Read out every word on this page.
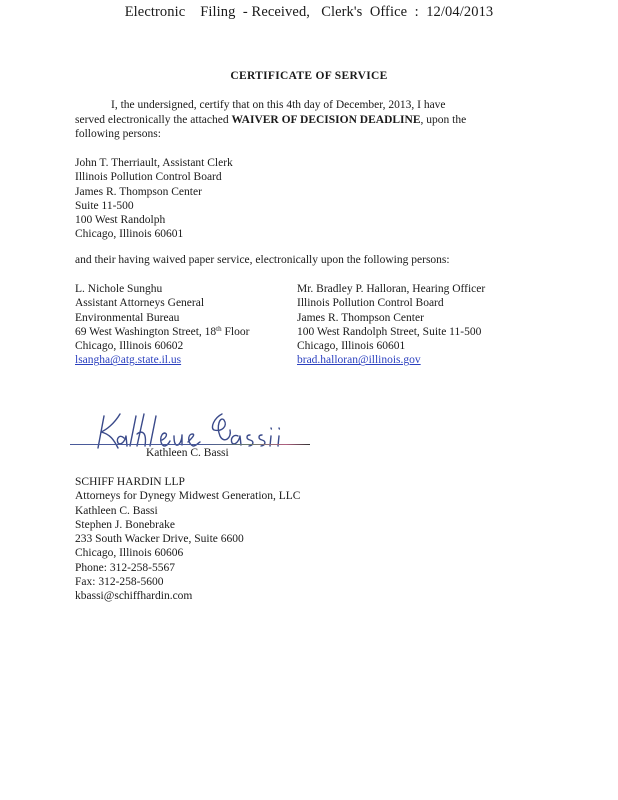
Electronic    Filing  - Received,   Clerk's  Office  :  12/04/2013
CERTIFICATE OF SERVICE
I, the undersigned, certify that on this 4th day of December, 2013, I have served electronically the attached WAIVER OF DECISION DEADLINE, upon the following persons:
John T. Therriault, Assistant Clerk
Illinois Pollution Control Board
James R. Thompson Center
Suite 11-500
100 West Randolph
Chicago, Illinois 60601
and their having waived paper service, electronically upon the following persons:
L. Nichole Sunghu
Assistant Attorneys General
Environmental Bureau
69 West Washington Street, 18th Floor
Chicago, Illinois 60602
lsangha@atg.state.il.us
Mr. Bradley P. Halloran, Hearing Officer
Illinois Pollution Control Board
James R. Thompson Center
100 West Randolph Street, Suite 11-500
Chicago, Illinois 60601
brad.halloran@illinois.gov
Kathleen C. Bassi
SCHIFF HARDIN LLP
Attorneys for Dynegy Midwest Generation, LLC
Kathleen C. Bassi
Stephen J. Bonebrake
233 South Wacker Drive, Suite 6600
Chicago, Illinois 60606
Phone: 312-258-5567
Fax: 312-258-5600
kbassi@schiffhardin.com
